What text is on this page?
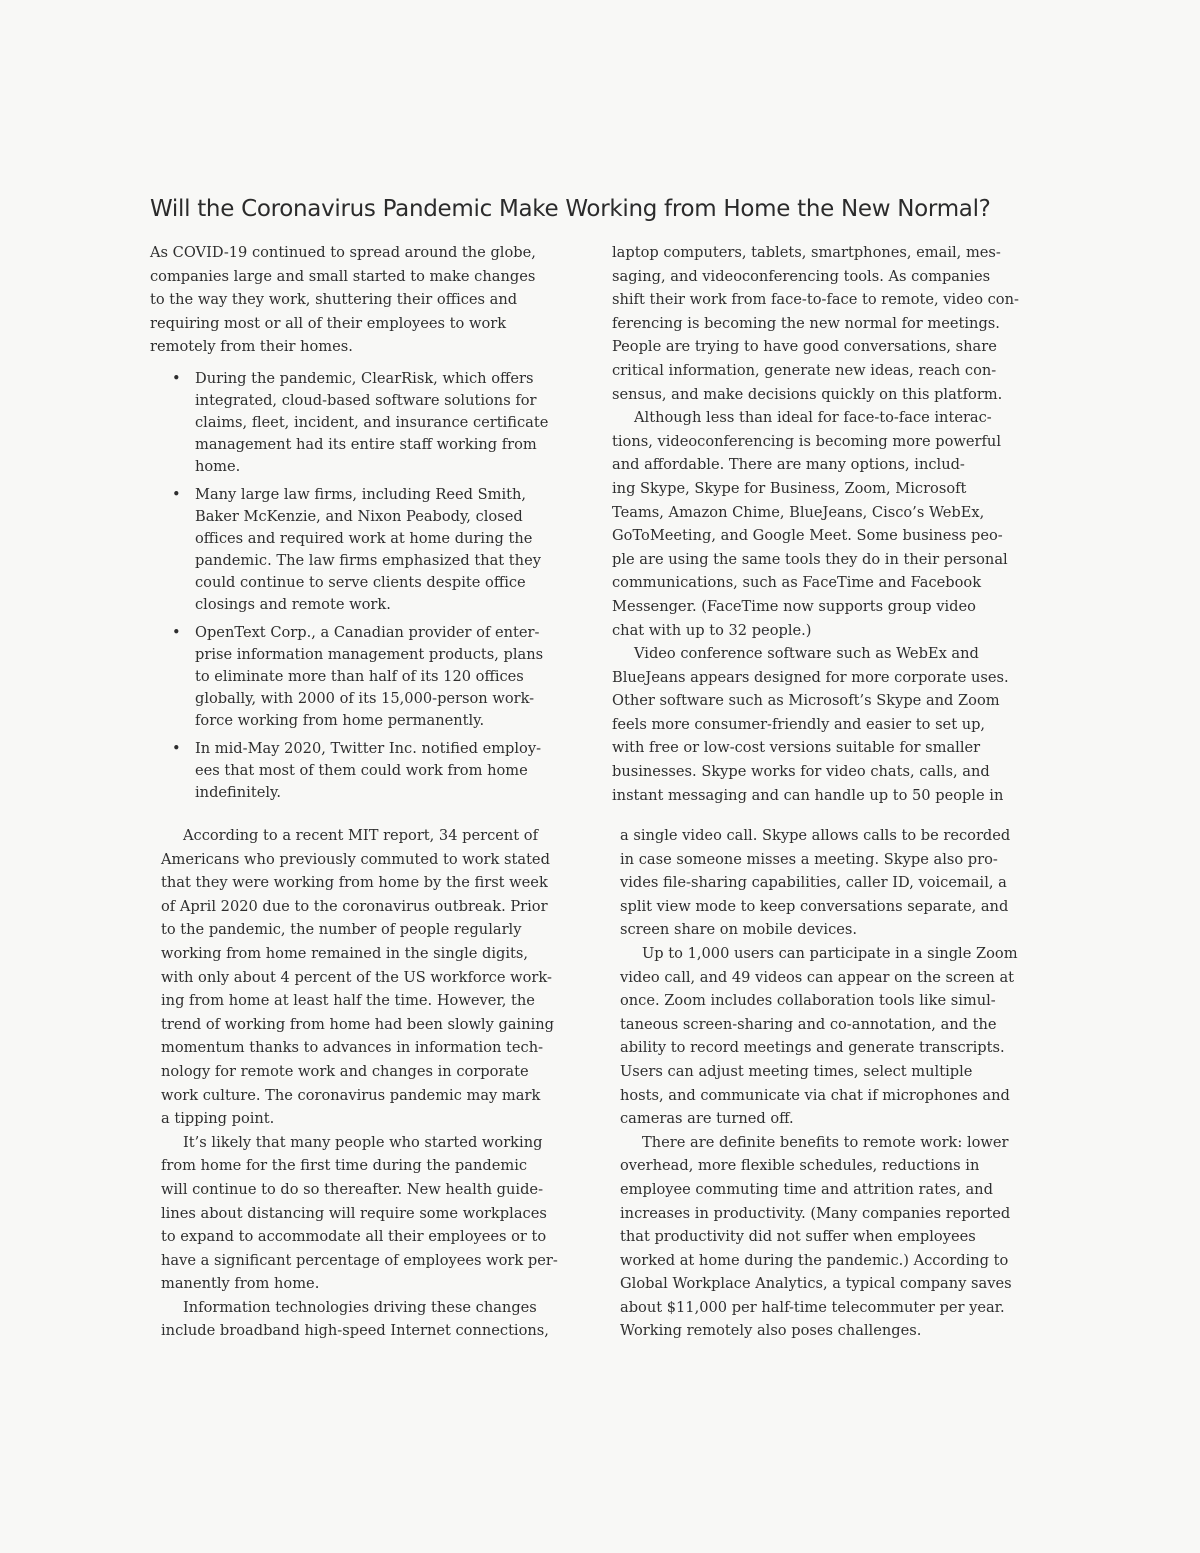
Will the Coronavirus Pandemic Make Working from Home the New Normal?

As COVID-19 continued to spread around the globe,
companies large and small started to make changes
to the way they work, shuttering their offices and
requiring most or all of their employees to work
remotely from their homes.

• During the pandemic, ClearRisk, which offers
integrated, cloud-based software solutions for
claims, fleet, incident, and insurance certificate
management had its entire staff working from
home.
• Many large law firms, including Reed Smith,
Baker McKenzie, and Nixon Peabody, closed
offices and required work at home during the
pandemic. The law firms emphasized that they
could continue to serve clients despite office
closings and remote work.
• OpenText Corp., a Canadian provider of enter-
prise information management products, plans
to eliminate more than half of its 120 offices
globally, with 2000 of its 15,000-person work-
force working from home permanently.
• In mid-May 2020, Twitter Inc. notified employ-
ees that most of them could work from home
indefinitely.

laptop computers, tablets, smartphones, email, mes-
saging, and videoconferencing tools. As companies
shift their work from face-to-face to remote, video con-
ferencing is becoming the new normal for meetings.
People are trying to have good conversations, share
critical information, generate new ideas, reach con-
sensus, and make decisions quickly on this platform.

Although less than ideal for face-to-face interac-
tions, videoconferencing is becoming more powerful
and affordable. There are many options, includ-
ing Skype, Skype for Business, Zoom, Microsoft
Teams, Amazon Chime, BlueJeans, Cisco’s WebEx,
GoToMeeting, and Google Meet. Some business peo-
ple are using the same tools they do in their personal
communications, such as FaceTime and Facebook
Messenger. (FaceTime now supports group video
chat with up to 32 people.)

Video conference software such as WebEx and
BlueJeans appears designed for more corporate uses.
Other software such as Microsoft’s Skype and Zoom
feels more consumer-friendly and easier to set up,
with free or low-cost versions suitable for smaller
businesses. Skype works for video chats, calls, and
instant messaging and can handle up to 50 people in

According to a recent MIT report, 34 percent of
Americans who previously commuted to work stated
that they were working from home by the first week
of April 2020 due to the coronavirus outbreak. Prior
to the pandemic, the number of people regularly
working from home remained in the single digits,
with only about 4 percent of the US workforce work-
ing from home at least half the time. However, the
trend of working from home had been slowly gaining
momentum thanks to advances in information tech-
nology for remote work and changes in corporate
work culture. The coronavirus pandemic may mark
a tipping point.

It’s likely that many people who started working
from home for the first time during the pandemic
will continue to do so thereafter. New health guide-
lines about distancing will require some workplaces
to expand to accommodate all their employees or to
have a significant percentage of employees work per-
manently from home.

Information technologies driving these changes
include broadband high-speed Internet connections,

a single video call. Skype allows calls to be recorded
in case someone misses a meeting. Skype also pro-
vides file-sharing capabilities, caller ID, voicemail, a
split view mode to keep conversations separate, and
screen share on mobile devices.

Up to 1,000 users can participate in a single Zoom
video call, and 49 videos can appear on the screen at
once. Zoom includes collaboration tools like simul-
taneous screen-sharing and co-annotation, and the
ability to record meetings and generate transcripts.
Users can adjust meeting times, select multiple
hosts, and communicate via chat if microphones and
cameras are turned off.

There are definite benefits to remote work: lower
overhead, more flexible schedules, reductions in
employee commuting time and attrition rates, and
increases in productivity. (Many companies reported
that productivity did not suffer when employees
worked at home during the pandemic.) According to
Global Workplace Analytics, a typical company saves
about $11,000 per half-time telecommuter per year.
Working remotely also poses challenges.
